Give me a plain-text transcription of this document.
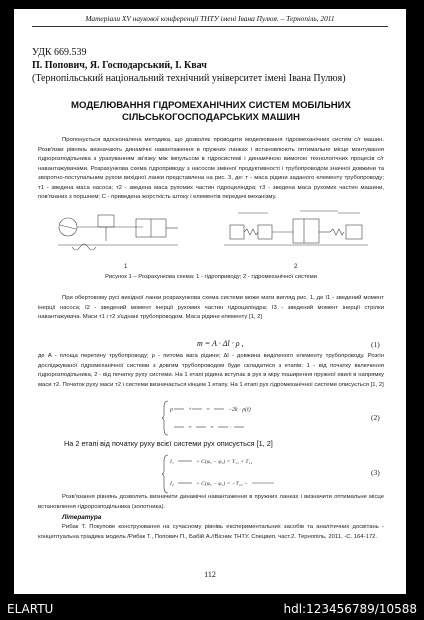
Матеріали XV наукової конференції ТНТУ імені Івана Пулюя. – Тернопіль, 2011
УДК 669.539
П. Попович, Я. Господарський, І. Квач
(Тернопільський національний технічний університет імені Івана Пулюя)
МОДЕЛЮВАННЯ ГІДРОМЕХАНІЧНИХ СИСТЕМ МОБІЛЬНИХ СІЛЬСЬКОГОСПОДАРСЬКИХ МАШИН
Пропонується вдосконалена методика, що дозволяє проводити моделювання гідромеханічних систем с/г машин. Розв'язки рівнянь визначають динамічні навантаження в пружних ланках і встановлюють оптимальне місце монтування гідророзподільника з урахуванням зв'язку між імпульсом в гідросистемі і динамічною вимогою технологічних процесів с/г навантажувачами. Розрахункова схема гідроприводу з насосом змінної продуктивності і трубопроводом значної довжини та зворотно-поступальним рухом вихідної ланки представлена на рис. 3, де: т - маса рідини заданого елементу трубопроводу; т1 - зведена маса насоса; т2 - зведена маса рухомих частин гідроциліндра; т3 - зведена маса рухомих частин машини, пов'язаних з поршнем; С - приведена жорсткість штоку і елементів передачі механізму.
1	2
Рисунок 1 – Розрахункова схема: 1 - гідроприводу; 2 - гідромеханічної системи
При обертовому русі вихідної ланки розрахункова схема системи може мати вигляд рис. 1, де І1 - зведений момент інерції насоса; І2 - зведений момент інерції рухомих частин гідроциліндра; І3 - зведений момент інерції стрілки навантажувача. Маси т1 і т2 з'єднані трубопроводом. Маса рідини елементу [1, 2]
m = A · Δl · ρ ,	(1)
де A - площа перетину трубопроводу; ρ - питома вага рідини; Δl - довжина виділеного елементу трубопроводу. Розгін досліджуваної гідромеханічної системи з довгим трубопроводом буде складатися з етапів: 1 - від початку включення гідророзподільника, 2 - від початку руху системи. На 1 етапі рідина вступає в рух в міру поширення пружної хвилі в напрямку маси т2. Початок руху маси т2 і системи визначається кінцем 1 етапу. На 1 етапі рух гідромеханічної системи описується [1, 2]
ρ	+ =	−2k · ρ(t)
=	=	·
(2)
На 2 етапі від початку руху всієї системи рух описується [1, 2]
I₁	+ C(φ₁ − φ₂) = T₁₁ + T₁₂
I₂	+ C(φ₂ − φ₁) = −T₁₂ −
(3)
Розв'язання рівнянь дозволить визначити динамічні навантаження в пружних ланках і визначити оптимальне місце встановлення гідророзподільника (золотника).
Література
Рибак Т. Покупове конструювання на сучасному рівнівь експериментальних засобів та аналітичних досвітань - концептуальна тріадика модель /Рибак Т., Попович П., Бабій А.//Вісник ТНТУ. Спецвип. част.2. Тернопіль, 2011. -С. 164-172.
112
ELARTU	hdl:123456789/10588
